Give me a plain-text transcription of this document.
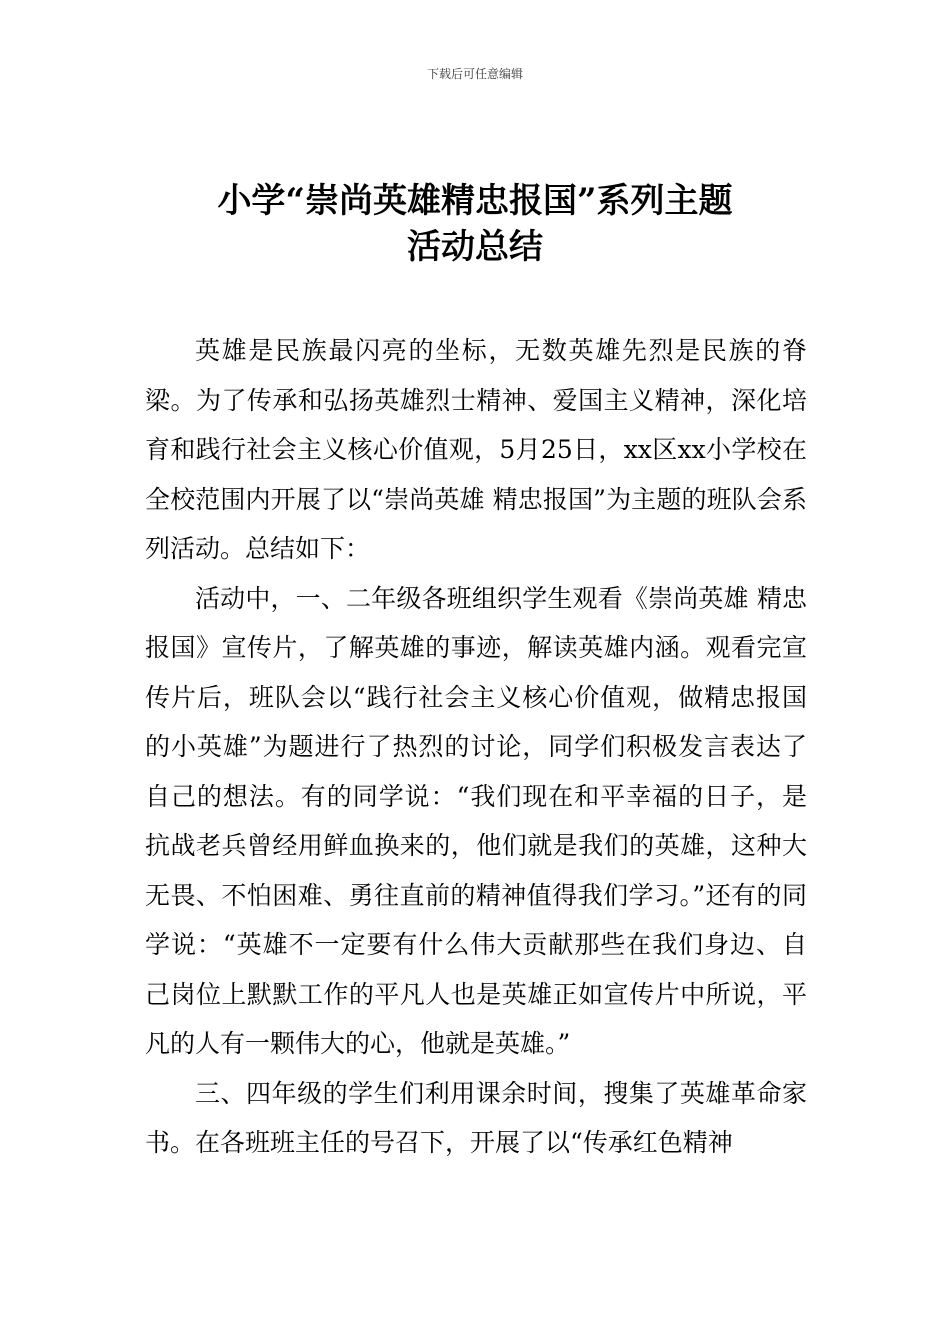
下载后可任意编辑
小学“崇尚英雄精忠报国”系列主题
活动总结

英雄是民族最闪亮的坐标，无数英雄先烈是民族的脊梁。为了传承和弘扬英雄烈士精神、爱国主义精神，深化培育和践行社会主义核心价值观，5月25日，xx区xx小学校在全校范围内开展了以“崇尚英雄 精忠报国”为主题的班队会系列活动。总结如下：

活动中，一、二年级各班组织学生观看《崇尚英雄 精忠报国》宣传片，了解英雄的事迹，解读英雄内涵。观看完宣传片后，班队会以“践行社会主义核心价值观，做精忠报国的小英雄”为题进行了热烈的讨论，同学们积极发言表达了自己的想法。有的同学说：“我们现在和平幸福的日子，是抗战老兵曾经用鲜血换来的，他们就是我们的英雄，这种大无畏、不怕困难、勇往直前的精神值得我们学习。”还有的同学说：“英雄不一定要有什么伟大贡献那些在我们身边、自己岗位上默默工作的平凡人也是英雄正如宣传片中所说，平凡的人有一颗伟大的心，他就是英雄。”

三、四年级的学生们利用课余时间，搜集了英雄革命家书。在各班班主任的号召下，开展了以“传承红色精神
